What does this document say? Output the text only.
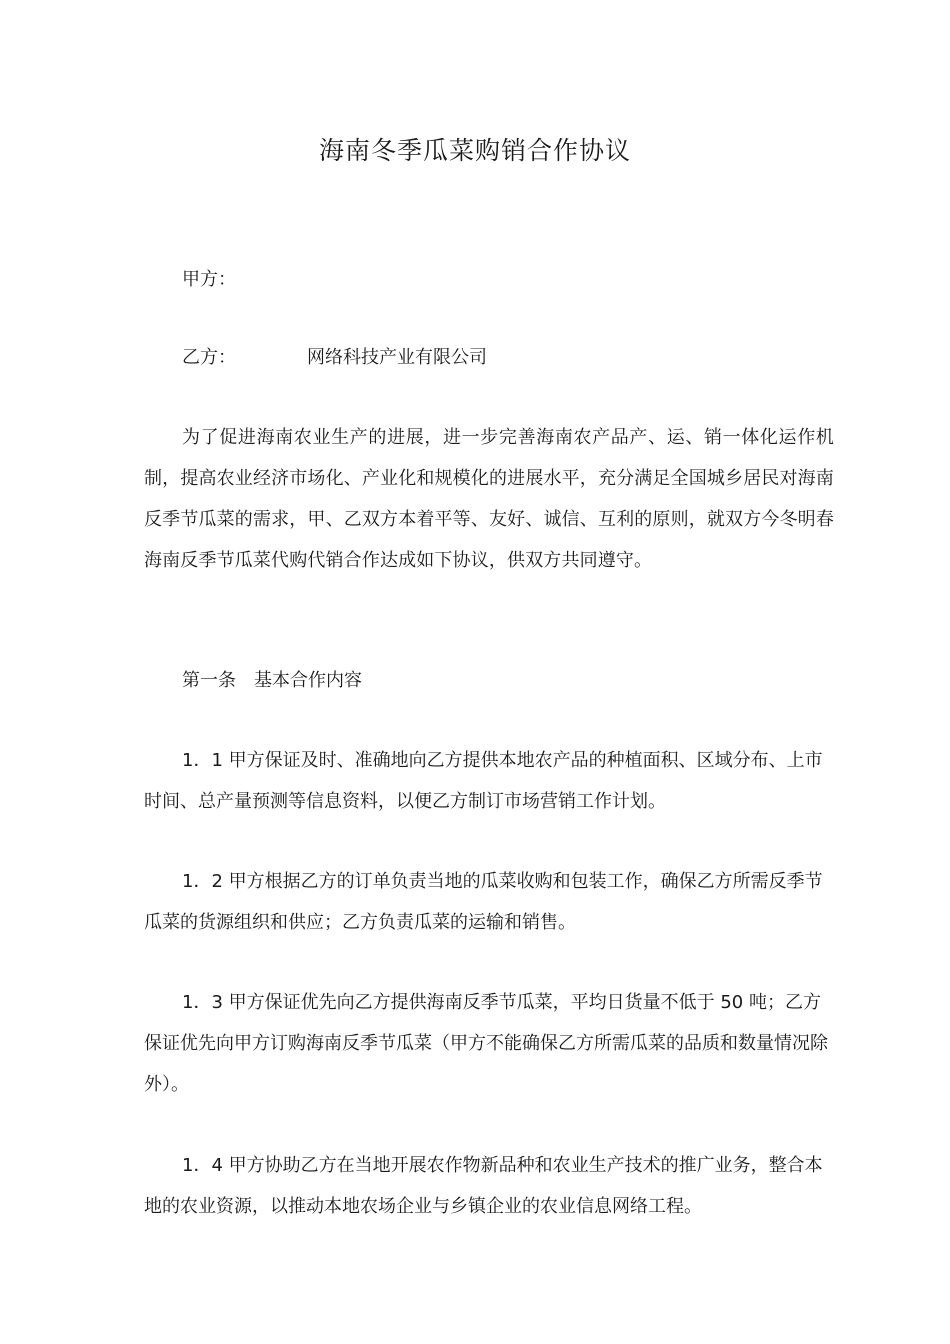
海南冬季瓜菜购销合作协议
甲方：
乙方：	网络科技产业有限公司
为了促进海南农业生产的进展，进一步完善海南农产品产、运、销一体化运作机制，提高农业经济市场化、产业化和规模化的进展水平，充分满足全国城乡居民对海南反季节瓜菜的需求，甲、乙双方本着平等、友好、诚信、互利的原则，就双方今冬明春海南反季节瓜菜代购代销合作达成如下协议，供双方共同遵守。
第一条　基本合作内容
1．1 甲方保证及时、准确地向乙方提供本地农产品的种植面积、区域分布、上市时间、总产量预测等信息资料，以便乙方制订市场营销工作计划。
1．2 甲方根据乙方的订单负责当地的瓜菜收购和包装工作，确保乙方所需反季节瓜菜的货源组织和供应；乙方负责瓜菜的运输和销售。
1．3 甲方保证优先向乙方提供海南反季节瓜菜，平均日货量不低于 50 吨；乙方保证优先向甲方订购海南反季节瓜菜（甲方不能确保乙方所需瓜菜的品质和数量情况除外）。
1．4 甲方协助乙方在当地开展农作物新品种和农业生产技术的推广业务，整合本地的农业资源，以推动本地农场企业与乡镇企业的农业信息网络工程。
